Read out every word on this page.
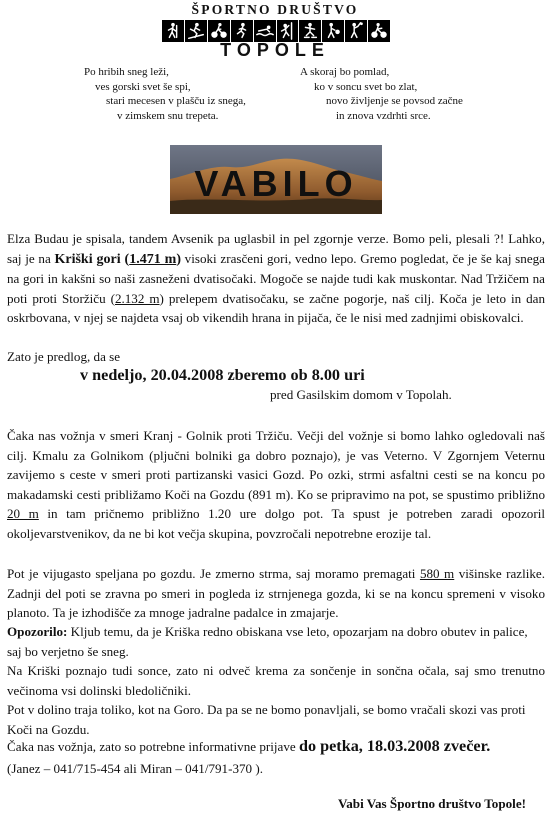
ŠPORTNO DRUŠTVO
TOPOLE
Po hribih sneg leži,
ves gorski svet še spi,
stari mecesen v plašču iz snega,
v zimskem snu trepeta.
A skoraj bo pomlad,
ko v soncu svet bo zlat,
novo življenje se povsod začne
in znova vzdrhti srce.
VABILO
Elza Budau je spisala, tandem Avsenik pa uglasbil in pel zgornje verze. Bomo peli, plesali ?! Lahko, saj je na Kriški gori (1.471 m) visoki zrasčeni gori, vedno lepo. Gremo pogledat, če je še kaj snega na gori in kakšni so naši zasneženi dvatisočaki. Mogoče se najde tudi kak muskontar. Nad Tržičem na poti proti Storžiču (2.132 m) prelepem dvatisočaku, se začne pogorje, naš cilj. Koča je leto in dan oskrbovana, v njej se najdeta vsaj ob vikendih hrana in pijača, če le nisi med zadnjimi obiskovalci.
Zato je predlog, da se
v nedeljo, 20.04.2008 zberemo ob 8.00 uri
pred Gasilskim domom v Topolah.
Čaka nas vožnja v smeri Kranj - Golnik proti Tržiču. Večji del vožnje si bomo lahko ogledovali naš cilj. Kmalu za Golnikom (pljučni bolniki ga dobro poznajo), je vas Veterno. V Zgornjem Veternu zavijemo s ceste v smeri proti partizanski vasici Gozd. Po ozki, strmi asfaltni cesti se na koncu po makadamski cesti približamo Koči na Gozdu (891 m). Ko se pripravimo na pot, se spustimo približno 20 m in tam pričnemo približno 1.20 ure dolgo pot. Ta spust je potreben zaradi opozoril okoljevarstvenikov, da ne bi kot večja skupina, povzročali nepotrebne erozije tal.
Pot je vijugasto speljana po gozdu. Je zmerno strma, saj moramo premagati 580 m višinske razlike. Zadnji del poti se zravna po smeri in pogleda iz strnjenega gozda, ki se na koncu spremeni v visoko planoto. Ta je izhodišče za mnoge jadralne padalce in zmajarje.
Opozorilo: Kljub temu, da je Kriška redno obiskana vse leto, opozarjam na dobro obutev in palice, saj bo verjetno še sneg.
Na Kriški poznajo tudi sonce, zato ni odveč krema za sončenje in sončna očala, saj smo trenutno večinoma vsi dolinski bledoličniki.
Pot v dolino traja toliko, kot na Goro. Da pa se ne bomo ponavljali, se bomo vračali skozi vas proti Koči na Gozdu.
Čaka nas vožnja, zato so potrebne informativne prijave do petka, 18.03.2008 zvečer.
(Janez – 041/715-454 ali Miran – 041/791-370 ).
Vabi Vas Športno društvo Topole!
